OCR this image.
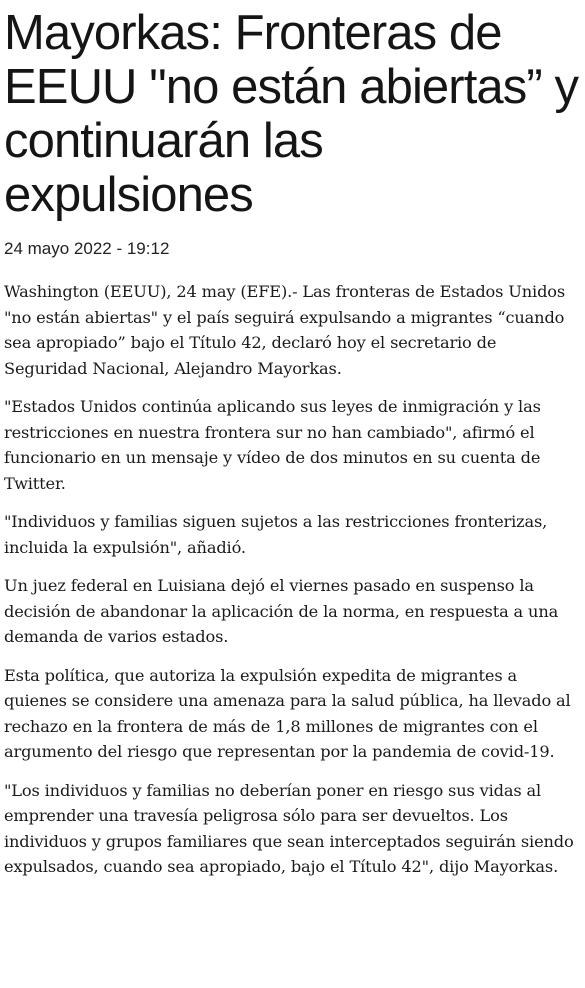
Mayorkas: Fronteras de EEUU "no están abiertas” y continuarán las expulsiones
24 mayo 2022 - 19:12

Washington (EEUU), 24 may (EFE).- Las fronteras de Estados Unidos "no están abiertas" y el país seguirá expulsando a migrantes “cuando sea apropiado” bajo el Título 42, declaró hoy el secretario de Seguridad Nacional, Alejandro Mayorkas.

"Estados Unidos continúa aplicando sus leyes de inmigración y las restricciones en nuestra frontera sur no han cambiado", afirmó el funcionario en un mensaje y vídeo de dos minutos en su cuenta de Twitter.

"Individuos y familias siguen sujetos a las restricciones fronterizas, incluida la expulsión", añadió.

Un juez federal en Luisiana dejó el viernes pasado en suspenso la decisión de abandonar la aplicación de la norma, en respuesta a una demanda de varios estados.

Esta política, que autoriza la expulsión expedita de migrantes a quienes se considere una amenaza para la salud pública, ha llevado al rechazo en la frontera de más de 1,8 millones de migrantes con el argumento del riesgo que representan por la pandemia de covid-19.

"Los individuos y familias no deberían poner en riesgo sus vidas al emprender una travesía peligrosa sólo para ser devueltos. Los individuos y grupos familiares que sean interceptados seguirán siendo expulsados, cuando sea apropiado, bajo el Título 42", dijo Mayorkas.
